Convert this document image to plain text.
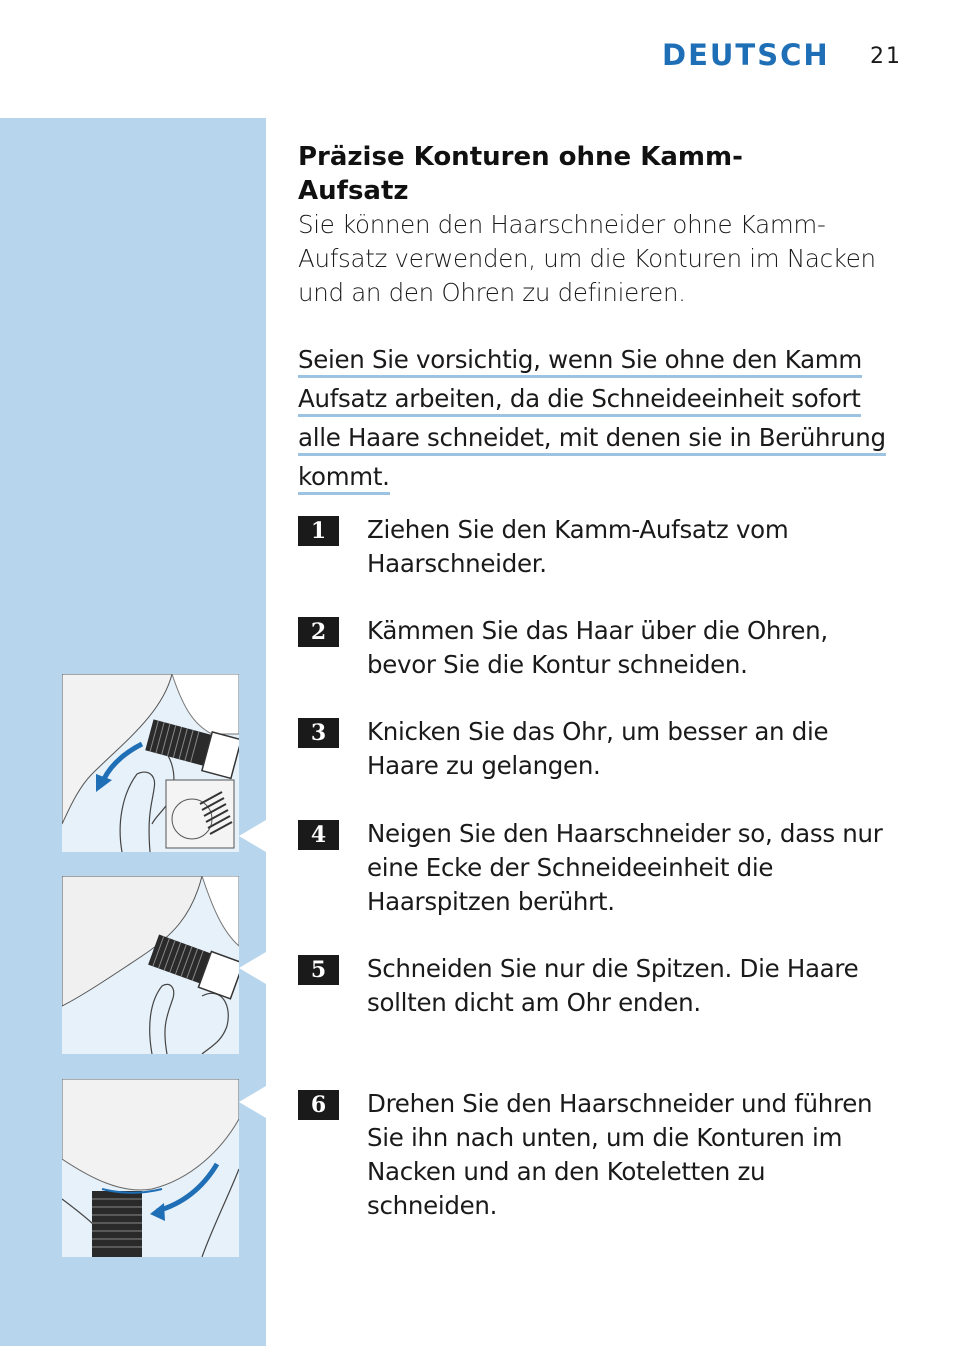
DEUTSCH 21
Präzise Konturen ohne Kamm-Aufsatz

Sie können den Haarschneider ohne Kamm-Aufsatz verwenden, um die Konturen im Nacken und an den Ohren zu definieren.

Seien Sie vorsichtig, wenn Sie ohne den Kamm
Aufsatz arbeiten, da die Schneideeinheit sofort
alle Haare schneidet, mit denen sie in Berührung
kommt.
1	Ziehen Sie den Kamm-Aufsatz vom Haarschneider.
2	Kämmen Sie das Haar über die Ohren, bevor Sie die Kontur schneiden.
3	Knicken Sie das Ohr, um besser an die Haare zu gelangen.
4	Neigen Sie den Haarschneider so, dass nur eine Ecke der Schneideeinheit die Haarspitzen berührt.
5	Schneiden Sie nur die Spitzen. Die Haare sollten dicht am Ohr enden.
6	Drehen Sie den Haarschneider und führen Sie ihn nach unten, um die Konturen im Nacken und an den Koteletten zu schneiden.
